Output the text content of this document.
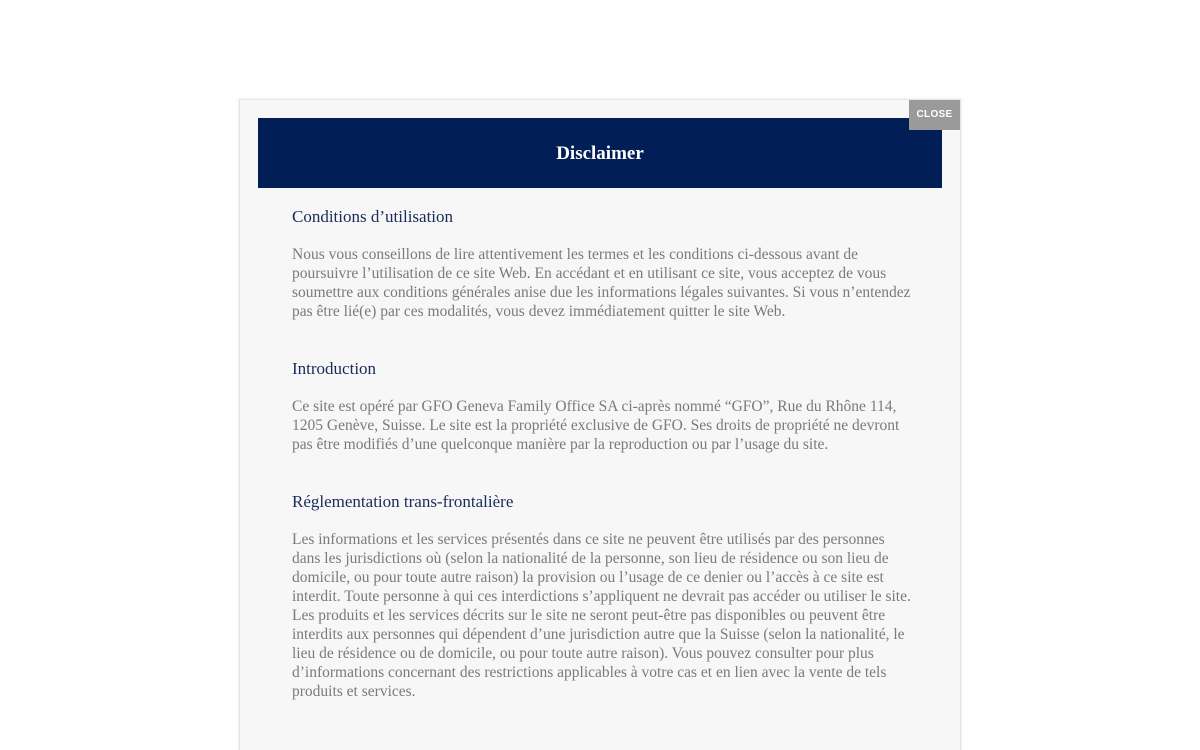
CLOSE
Disclaimer
Conditions d’utilisation

Nous vous conseillons de lire attentivement les termes et les conditions ci-dessous avant de poursuivre l’utilisation de ce site Web. En accédant et en utilisant ce site, vous acceptez de vous soumettre aux conditions générales anise due les informations légales suivantes. Si vous n’entendez pas être lié(e) par ces modalités, vous devez immédiatement quitter le site Web.

Introduction

Ce site est opéré par GFO Geneva Family Office SA ci-après nommé “GFO”, Rue du Rhône 114, 1205 Genève, Suisse. Le site est la propriété exclusive de GFO. Ses droits de propriété ne devront pas être modifiés d’une quelconque manière par la reproduction ou par l’usage du site.

Réglementation trans-frontalière

Les informations et les services présentés dans ce site ne peuvent être utilisés par des personnes dans les jurisdictions où (selon la nationalité de la personne, son lieu de résidence ou son lieu de domicile, ou pour toute autre raison) la provision ou l’usage de ce denier ou l’accès à ce site est interdit. Toute personne à qui ces interdictions s’appliquent ne devrait pas accéder ou utiliser le site. Les produits et les services décrits sur le site ne seront peut-être pas disponibles ou peuvent être interdits aux personnes qui dépendent d’une jurisdiction autre que la Suisse (selon la nationalité, le lieu de résidence ou de domicile, ou pour toute autre raison). Vous pouvez consulter pour plus d’informations concernant des restrictions applicables à votre cas et en lien avec la vente de tels produits et services.
